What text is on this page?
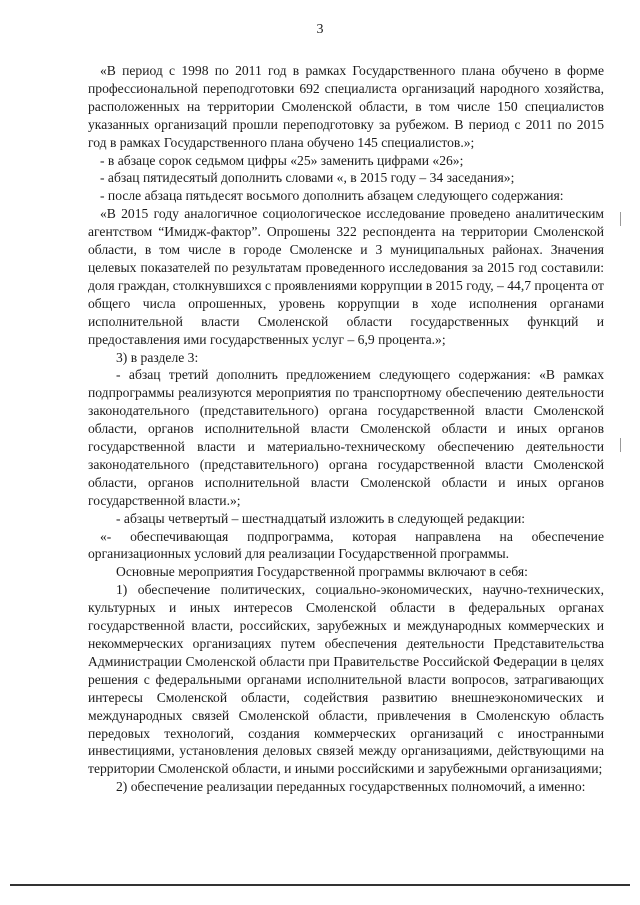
3

«В период с 1998 по 2011 год в рамках Государственного плана обучено в форме профессиональной переподготовки 692 специалиста организаций народного хозяйства, расположенных на территории Смоленской области, в том числе 150 специалистов указанных организаций прошли переподготовку за рубежом. В период с 2011 по 2015 год в рамках Государственного плана обучено 145 специалистов.»;

- в абзаце сорок седьмом цифры «25» заменить цифрами «26»;

- абзац пятидесятый дополнить словами «, в 2015 году – 34 заседания»;

- после абзаца пятьдесят восьмого дополнить абзацем следующего содержания:

«В 2015 году аналогичное социологическое исследование проведено аналитическим агентством “Имидж-фактор”. Опрошены 322 респондента на территории Смоленской области, в том числе в городе Смоленске и 3 муниципальных районах. Значения целевых показателей по результатам проведенного исследования за 2015 год составили: доля граждан, столкнувшихся с проявлениями коррупции в 2015 году, – 44,7 процента от общего числа опрошенных, уровень коррупции в ходе исполнения органами исполнительной власти Смоленской области государственных функций и предоставления ими государственных услуг – 6,9 процента.»;

3) в разделе 3:

- абзац третий дополнить предложением следующего содержания: «В рамках подпрограммы реализуются мероприятия по транспортному обеспечению деятельности законодательного (представительного) органа государственной власти Смоленской области, органов исполнительной власти Смоленской области и иных органов государственной власти и материально-техническому обеспечению деятельности законодательного (представительного) органа государственной власти Смоленской области, органов исполнительной власти Смоленской области и иных органов государственной власти.»;

- абзацы четвертый – шестнадцатый изложить в следующей редакции:

«- обеспечивающая подпрограмма, которая направлена на обеспечение организационных условий для реализации Государственной программы.

Основные мероприятия Государственной программы включают в себя:

1) обеспечение политических, социально-экономических, научно-технических, культурных и иных интересов Смоленской области в федеральных органах государственной власти, российских, зарубежных и международных коммерческих и некоммерческих организациях путем обеспечения деятельности Представительства Администрации Смоленской области при Правительстве Российской Федерации в целях решения с федеральными органами исполнительной власти вопросов, затрагивающих интересы Смоленской области, содействия развитию внешнеэкономических и международных связей Смоленской области, привлечения в Смоленскую область передовых технологий, создания коммерческих организаций с иностранными инвестициями, установления деловых связей между организациями, действующими на территории Смоленской области, и иными российскими и зарубежными организациями;

2) обеспечение реализации переданных государственных полномочий, а именно:
